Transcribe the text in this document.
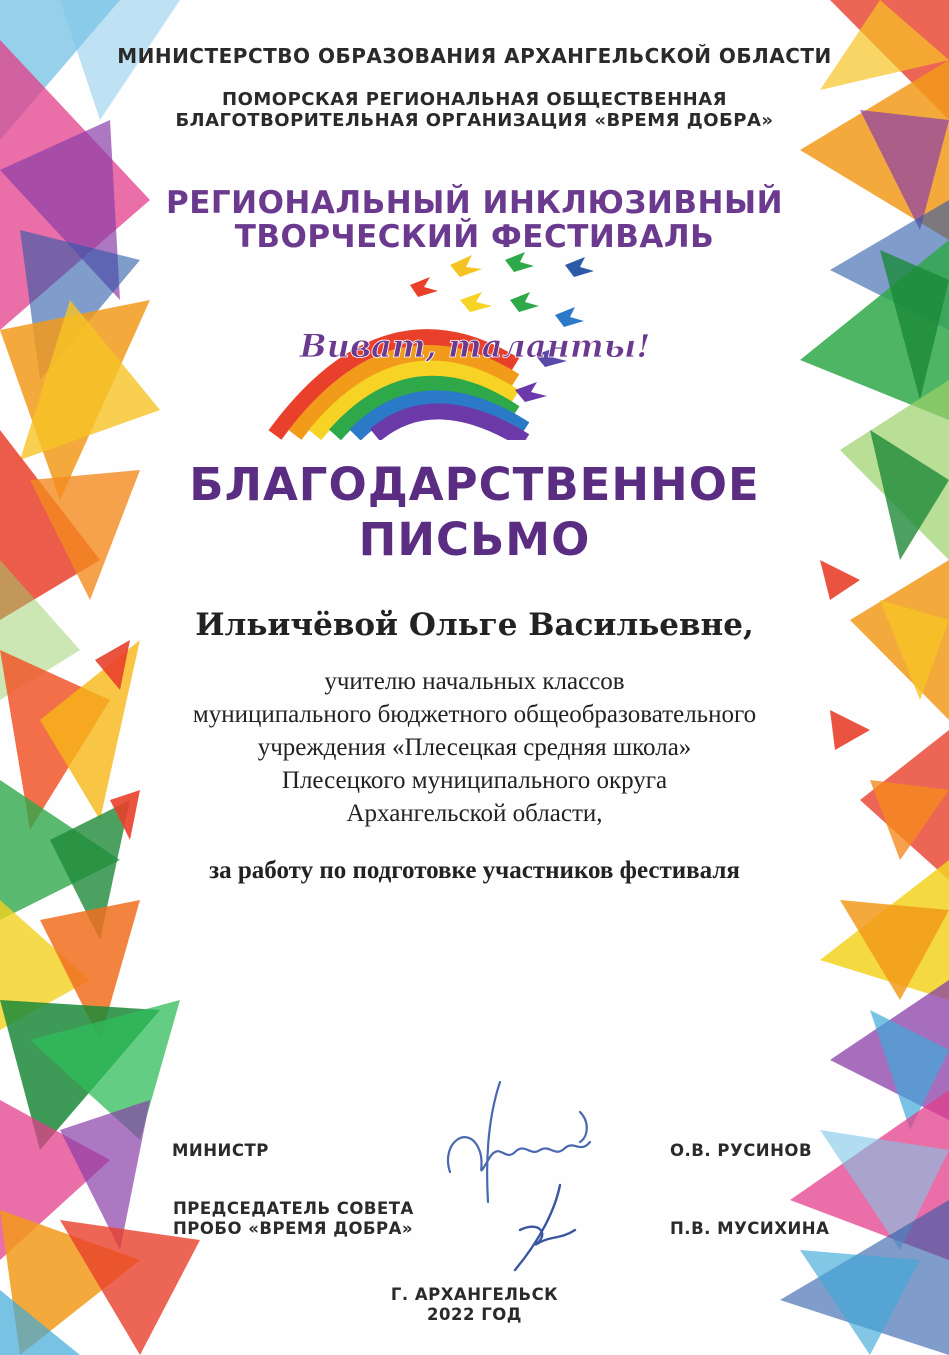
МИНИСТЕРСТВО ОБРАЗОВАНИЯ АРХАНГЕЛЬСКОЙ ОБЛАСТИ
ПОМОРСКАЯ РЕГИОНАЛЬНАЯ ОБЩЕСТВЕННАЯ
БЛАГОТВОРИТЕЛЬНАЯ ОРГАНИЗАЦИЯ «ВРЕМЯ ДОБРА»
РЕГИОНАЛЬНЫЙ ИНКЛЮЗИВНЫЙ
ТВОРЧЕСКИЙ ФЕСТИВАЛЬ
Виват, таланты!
БЛАГОДАРСТВЕННОЕ
ПИСЬМО
Ильичёвой Ольге Васильевне,
учителю начальных классов
муниципального бюджетного общеобразовательного
учреждения «Плесецкая средняя школа»
Плесецкого муниципального округа
Архангельской области,
за работу по подготовке участников фестиваля
МИНИСТР	О.В. РУСИНОВ
ПРЕДСЕДАТЕЛЬ СОВЕТА
ПРОБО «ВРЕМЯ ДОБРА»	П.В. МУСИХИНА
Г. АРХАНГЕЛЬСК
2022 ГОД
